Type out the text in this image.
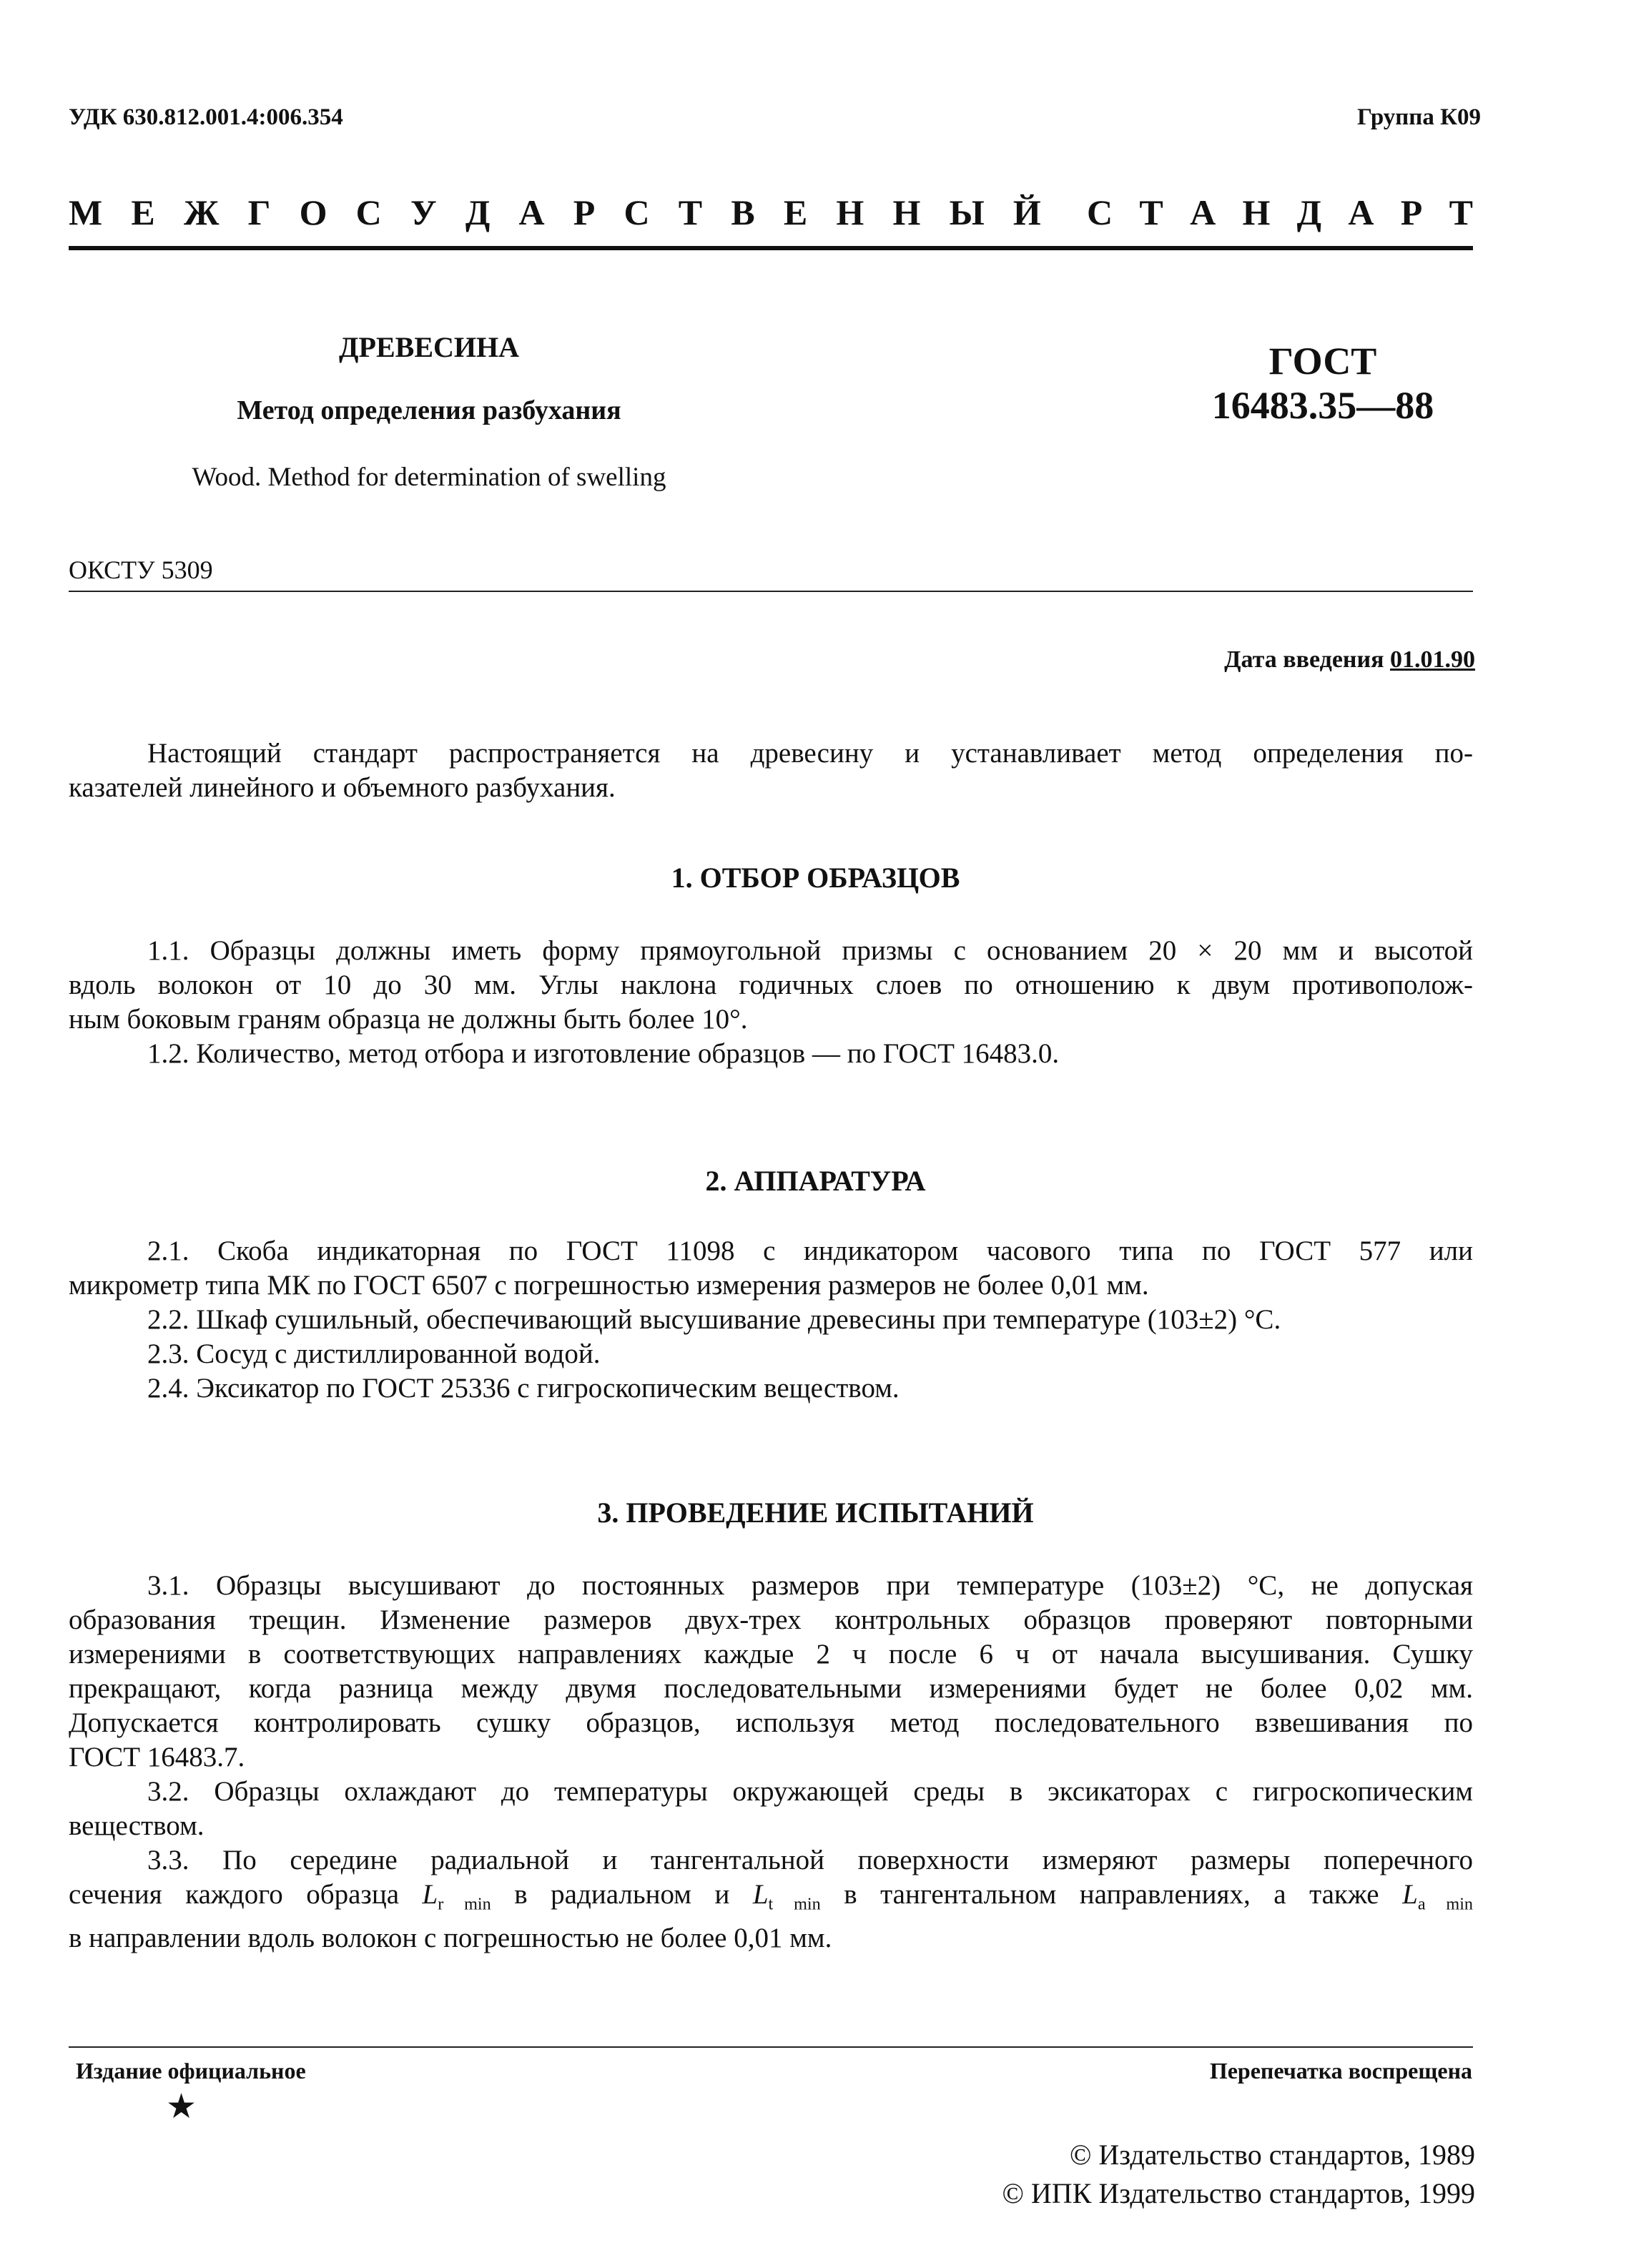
УДК 630.812.001.4:006.354	Группа К09
М Е Ж Г О С У Д А Р С Т В Е Н Н Ы Й С Т А Н Д А Р Т
ДРЕВЕСИНА
Метод определения разбухания
Wood. Method for determination of swelling
ГОСТ
16483.35—88
ОКСТУ 5309
Дата введения 01.01.90
Настоящий стандарт распространяется на древесину и устанавливает метод определения по-
казателей линейного и объемного разбухания.
1. ОТБОР ОБРАЗЦОВ
1.1. Образцы должны иметь форму прямоугольной призмы с основанием 20 × 20 мм и высотой
вдоль волокон от 10 до 30 мм. Углы наклона годичных слоев по отношению к двум противополож-
ным боковым граням образца не должны быть более 10°.
1.2. Количество, метод отбора и изготовление образцов — по ГОСТ 16483.0.
2. АППАРАТУРА
2.1. Скоба индикаторная по ГОСТ 11098 с индикатором часового типа по ГОСТ 577 или
микрометр типа МК по ГОСТ 6507 с погрешностью измерения размеров не более 0,01 мм.
2.2. Шкаф сушильный, обеспечивающий высушивание древесины при температуре (103±2) °С.
2.3. Сосуд с дистиллированной водой.
2.4. Эксикатор по ГОСТ 25336 с гигроскопическим веществом.
3. ПРОВЕДЕНИЕ ИСПЫТАНИЙ
3.1. Образцы высушивают до постоянных размеров при температуре (103±2) °С, не допуская
образования трещин. Изменение размеров двух-трех контрольных образцов проверяют повторными
измерениями в соответствующих направлениях каждые 2 ч после 6 ч от начала высушивания. Сушку
прекращают, когда разница между двумя последовательными измерениями будет не более 0,02 мм.
Допускается контролировать сушку образцов, используя метод последовательного взвешивания по
ГОСТ 16483.7.
3.2. Образцы охлаждают до температуры окружающей среды в эксикаторах с гигроскопическим
веществом.
3.3. По середине радиальной и тангентальной поверхности измеряют размеры поперечного
сечения каждого образца $L_{r min}$ в радиальном и $L_{t min}$ в тангентальном направлениях, а также $L_{a min}$
в направлении вдоль волокон с погрешностью не более 0,01 мм.
Издание официальное	Перепечатка воспрещена
★
© Издательство стандартов, 1989
© ИПК Издательство стандартов, 1999
